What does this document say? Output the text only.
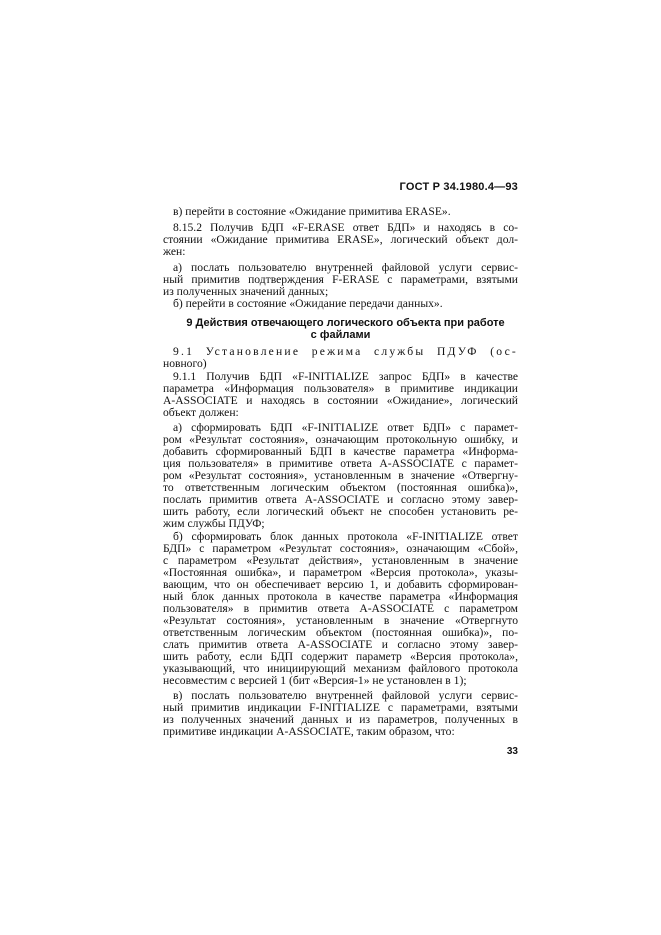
ГОСТ Р 34.1980.4—93
в) перейти в состояние «Ожидание примитива ERASE».
8.15.2 Получив БДП «F-ERASE ответ БДП» и находясь в со-
стоянии «Ожидание примитива ERASE», логический объект дол-
жен:
а) послать пользователю внутренней файловой услуги сервис-
ный примитив подтверждения F-ERASE с параметрами, взятыми
из полученных значений данных;
б) перейти в состояние «Ожидание передачи данных».
9 Действия отвечающего логического объекта при работе
с файлами
9.1 Установление режима службы ПДУФ (ос-
новного)
9.1.1 Получив БДП «F-INITIALIZE запрос БДП» в качестве
параметра «Информация пользователя» в примитиве индикации
A-ASSOCIATE и находясь в состоянии «Ожидание», логический
объект должен:
а) сформировать БДП «F-INITIALIZE ответ БДП» с парамет-
ром «Результат состояния», означающим протокольную ошибку, и
добавить сформированный БДП в качестве параметра «Информа-
ция пользователя» в примитиве ответа A-ASSOCIATE с парамет-
ром «Результат состояния», установленным в значение «Отвергну-
то ответственным логическим объектом (постоянная ошибка)»,
послать примитив ответа A-ASSOCIATE и согласно этому завер-
шить работу, если логический объект не способен установить ре-
жим службы ПДУФ;
б) сформировать блок данных протокола «F-INITIALIZE ответ
БДП» с параметром «Результат состояния», означающим «Сбой»,
с параметром «Результат действия», установленным в значение
«Постоянная ошибка», и параметром «Версия протокола», указы-
вающим, что он обеспечивает версию 1, и добавить сформирован-
ный блок данных протокола в качестве параметра «Информация
пользователя» в примитив ответа A-ASSOCIATE с параметром
«Результат состояния», установленным в значение «Отвергнуто
ответственным логическим объектом (постоянная ошибка)», по-
слать примитив ответа A-ASSOCIATE и согласно этому завер-
шить работу, если БДП содержит параметр «Версия протокола»,
указывающий, что инициирующий механизм файлового протокола
несовместим с версией 1 (бит «Версия-1» не установлен в 1);
в) послать пользователю внутренней файловой услуги сервис-
ный примитив индикации F-INITIALIZE с параметрами, взятыми
из полученных значений данных и из параметров, полученных в
примитиве индикации A-ASSOCIATE, таким образом, что:
33
